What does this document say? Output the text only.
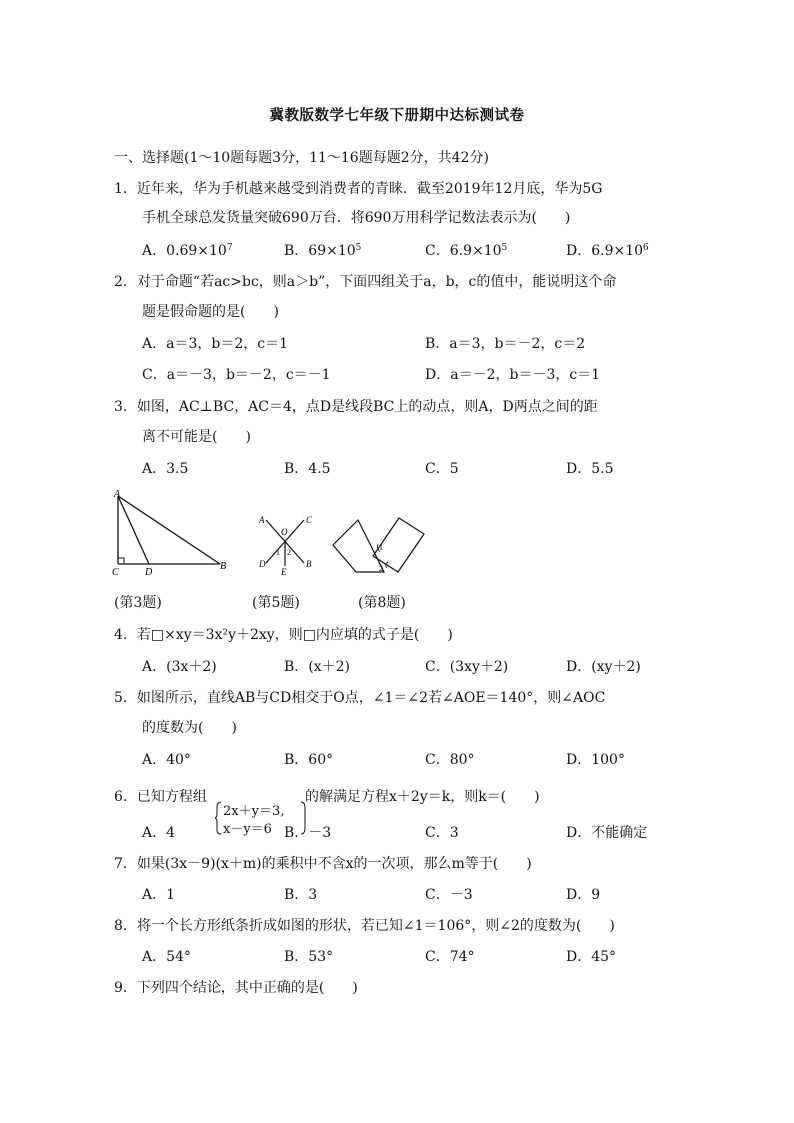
冀教版数学七年级下册期中达标测试卷
一、选择题(1～10题每题3分，11～16题每题2分，共42分)
1．近年来，华为手机越来越受到消费者的青睐．截至2019年12月底，华为5G
手机全球总发货量突破690万台．将690万用科学记数法表示为(　　)
A．$0.69\times 10^7$	B．$69\times 10^5$	C．$6.9\times 10^5$	D．$6.9\times 10^6$
2．对于命题“若ac>bc，则a＞b”，下面四组关于a，b，c的值中，能说明这个命
题是假命题的是(　　)
A．a＝3，b＝2，c＝1	B．a＝3，b＝－2，c＝2
C．a＝－3，b＝－2，c＝－1	D．a＝－2，b＝－3，c＝1
3．如图，AC⊥BC，AC＝4，点D是线段BC上的动点，则A，D两点之间的距
离不可能是(　　)
A．3.5	B．4.5	C．5	D．5.5
A
C	D
B
(第3题)
A	C
O
1 2
D	B
E
(第5题)
1
2
(第8题)
4．若□×xy＝3x²y＋2xy，则□内应填的式子是(　　)
A．(3x＋2)	B．(x＋2)	C．(3xy＋2)	D．(xy＋2)
5．如图所示，直线AB与CD相交于O点，∠1＝∠2若∠AOE＝140°，则∠AOC
的度数为(　　)
A．40°	B．60°	C．80°	D．100°
6．已知方程组
2x＋y＝3,
x－y＝6
的解满足方程x＋2y＝k，则k＝(　　)
A．4	B．－3	C．3	D．不能确定
7．如果(3x－9)(x＋m)的乘积中不含x的一次项，那么m等于(　　)
A．1	B．3	C．－3	D．9
8．将一个长方形纸条折成如图的形状，若已知∠1＝106°，则∠2的度数为(　　)
A．54°	B．53°	C．74°	D．45°
9．下列四个结论，其中正确的是(　　)
